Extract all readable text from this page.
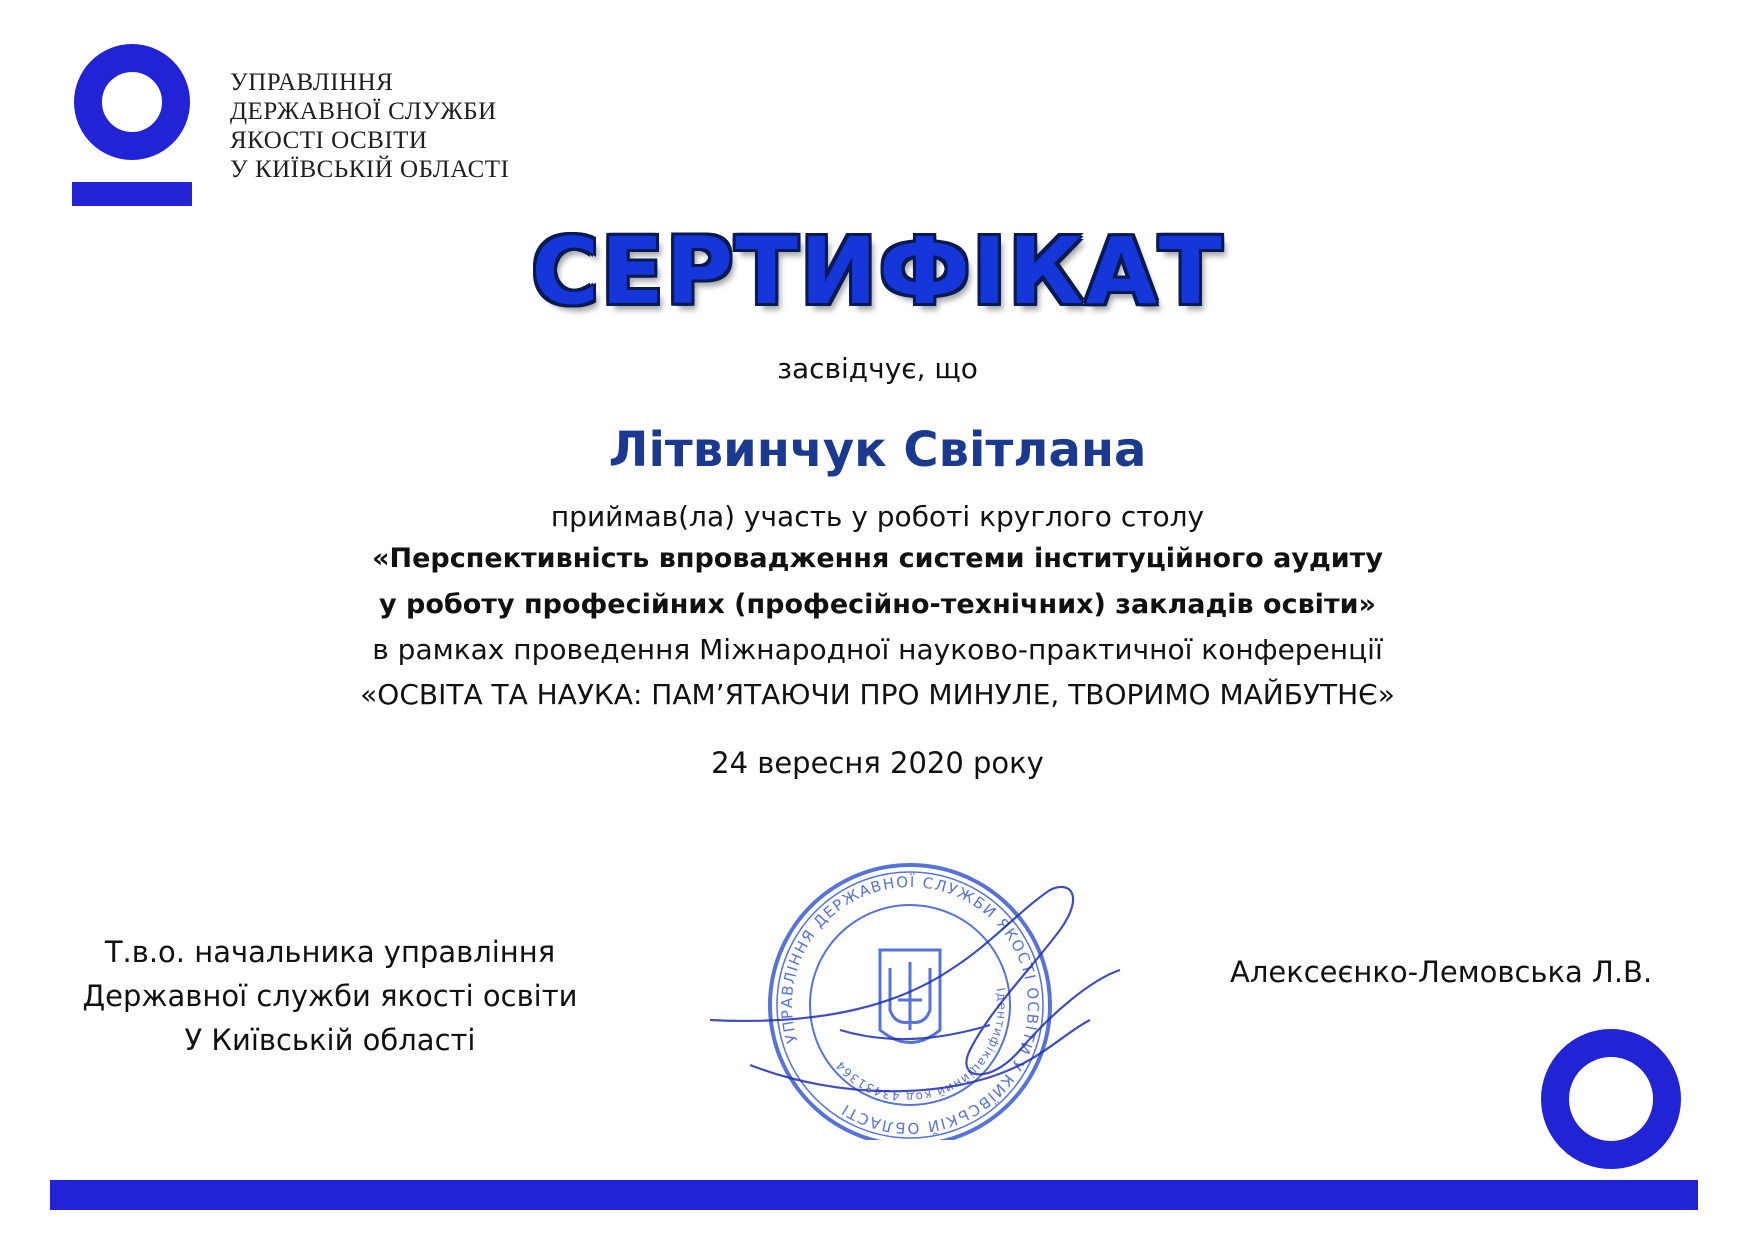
УПРАВЛІННЯ
ДЕРЖАВНОЇ СЛУЖБИ
ЯКОСТІ ОСВІТИ
У КИЇВСЬКІЙ ОБЛАСТІ
СЕРТИФІКАТ
засвідчує, що
Літвинчук Світлана
приймав(ла) участь у роботі круглого столу
«Перспективність впровадження системи інституційного аудиту
у роботу професійних (професійно-технічних) закладів освіти»
в рамках проведення Міжнародної науково-практичної конференції
«ОСВІТА ТА НАУКА: ПАМ’ЯТАЮЧИ ПРО МИНУЛЕ, ТВОРИМО МАЙБУТНЄ»
24 вересня 2020 року
Т.в.о. начальника управління
Державної служби якості освіти
У Київській області	УПРАВЛІННЯ ДЕРЖАВНОЇ СЛУЖБИ ЯКОСТІ ОСВІТИ У КИЇВСЬКІЙ ОБЛАСТІ
Ідентифікаційний код 43431364
Алексеєнко-Лемовська Л.В.
